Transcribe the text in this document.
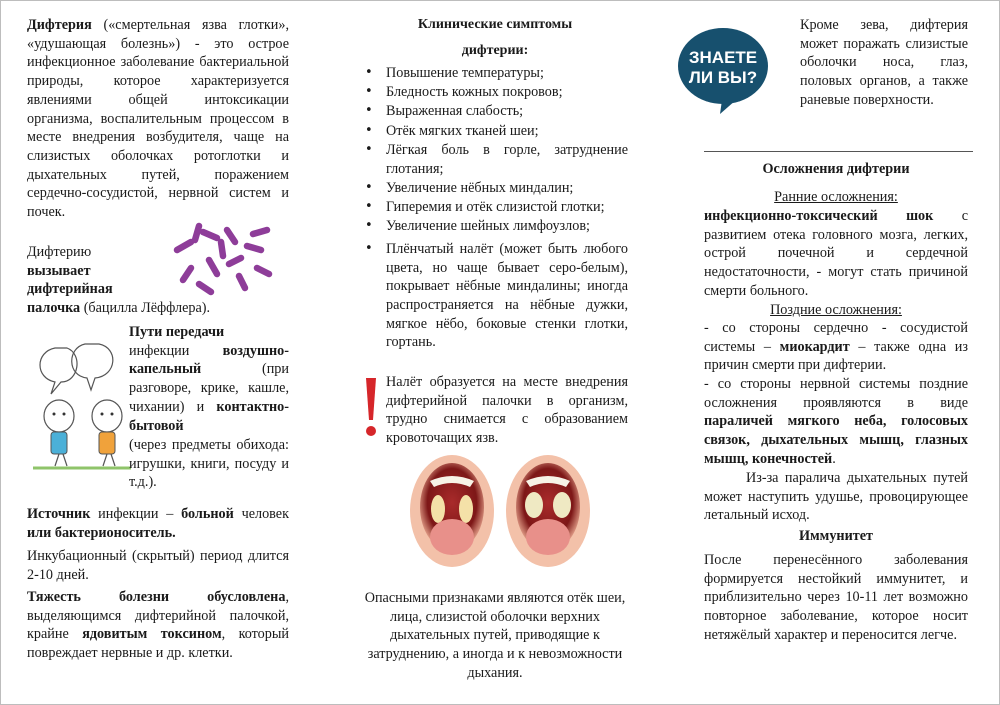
Дифтерия («смертельная язва глотки», «удушающая болезнь») - это острое инфекционное заболевание бактериальной природы, которое характеризуется явлениями общей интоксикации организма, воспалительным процессом в месте внедрения возбудителя, чаще на слизистых оболочках ротоглотки и дыхательных путей, поражением сердечно-сосудистой, нервной систем и почек.

Дифтерию
вызывает
дифтерийная

палочка (бацилла Лёффлера).

Пути передачи
инфекции воздушно-капельный (при разговоре, крике, кашле, чихании) и контактно-бытовой

(через предметы обихода: игрушки, книги, посуду и т.д.).

Источник инфекции – больной человек или бактерионоситель.

Инкубационный (скрытый) период длится 2-10 дней.

Тяжесть болезни обусловлена, выделяющимся дифтерийной палочкой, крайне ядовитым токсином, который повреждает нервные и др. клетки.

Клинические симптомы

дифтерии:

• Повышение температуры;
• Бледность кожных покровов;
• Выраженная слабость;
• Отёк мягких тканей шеи;
• Лёгкая боль в горле, затруднение глотания;
• Увеличение нёбных миндалин;
• Гиперемия и отёк слизистой глотки;
• Увеличение шейных лимфоузлов;
• Плёнчатый налёт (может быть любого цвета, но чаще бывает серо-белым), покрывает нёбные миндалины; иногда распространяется на нёбные дужки, мягкое нёбо, боковые стенки глотки, гортань.

Налёт образуется на месте внедрения дифтерийной палочки в организм, трудно снимается с образованием кровоточащих язв.

Опасными признаками являются отёк шеи, лица, слизистой оболочки верхних дыхательных путей, приводящие к затруднению, а иногда и к невозможности дыхания.

ЗНАЕТЕ
ЛИ ВЫ?

Кроме зева, дифтерия может поражать слизистые оболочки носа, глаз, половых органов, а также раневые поверхности.

Осложнения дифтерии

Ранние осложнения:

инфекционно-токсический шок с развитием отека головного мозга, легких, острой почечной и сердечной недостаточности, - могут стать причиной смерти больного.

Поздние осложнения:

- со стороны сердечно - сосудистой системы – миокардит – также одна из причин смерти при дифтерии.

- со стороны нервной системы поздние осложнения проявляются в виде параличей мягкого неба, голосовых связок, дыхательных мышц, глазных мышц, конечностей.

Из-за паралича дыхательных путей может наступить удушье, провоцирующее летальный исход.

Иммунитет

После перенесённого заболевания формируется нестойкий иммунитет, и приблизительно через 10-11 лет возможно повторное заболевание, которое носит нетяжёлый характер и переносится легче.
